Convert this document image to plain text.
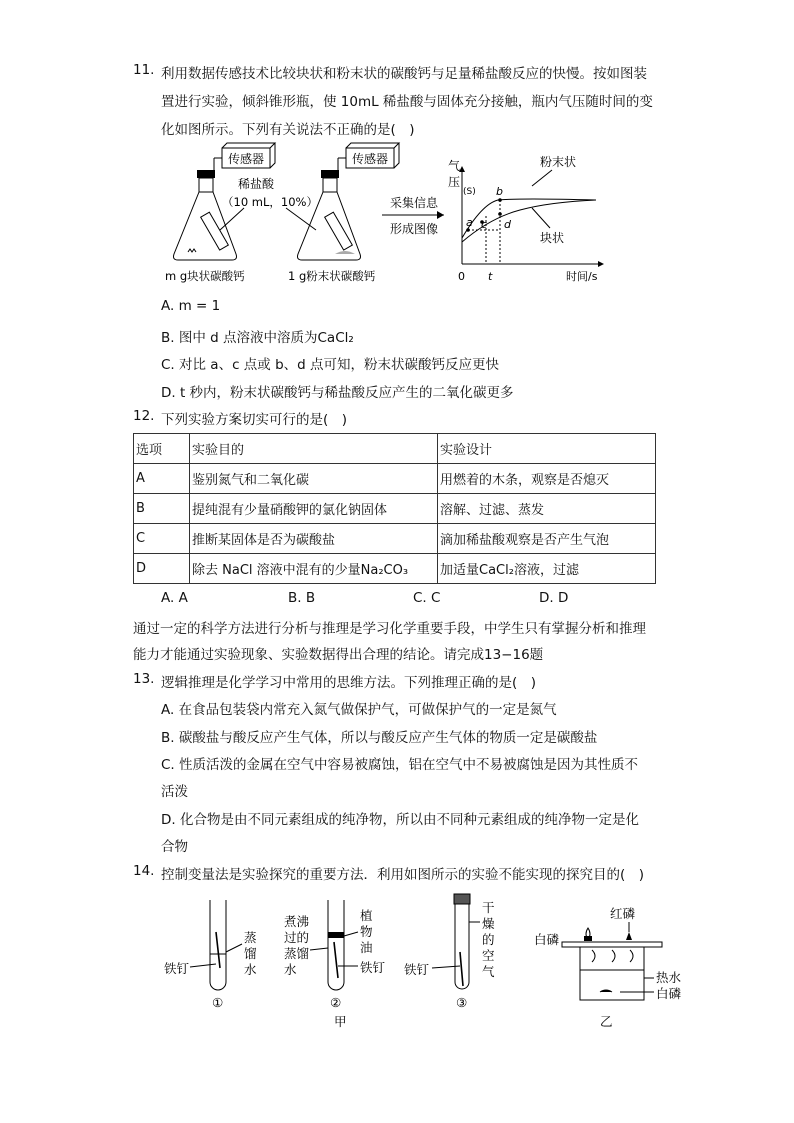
11. 利用数据传感技术比较块状和粉末状的碳酸钙与足量稀盐酸反应的快慢。按如图装
置进行实验，倾斜锥形瓶，使 10mL 稀盐酸与固体充分接触，瓶内气压随时间的变
化如图所示。下列有关说法不正确的是(　)
传感器
稀盐酸
（10 mL，10%）
m g块状碳酸钙
传感器
1 g粉末状碳酸钙
采集信息
形成图像
气
压
(S)
a
b
c d
0 t	时间/s
粉末状
块状
A. m = 1
B. 图中 d 点溶液中溶质为CaCl₂
C. 对比 a、c 点或 b、d 点可知，粉末状碳酸钙反应更快
D. t 秒内，粉末状碳酸钙与稀盐酸反应产生的二氧化碳更多
12. 下列实验方案切实可行的是(　)
选项	实验目的	实验设计
A	鉴别氮气和二氧化碳	用燃着的木条，观察是否熄灭
B	提纯混有少量硝酸钾的氯化钠固体	溶解、过滤、蒸发
C	推断某固体是否为碳酸盐	滴加稀盐酸观察是否产生气泡
D	除去 NaCl 溶液中混有的少量Na₂CO₃	加适量CaCl₂溶液，过滤
A. A	B. B	C. C	D. D
通过一定的科学方法进行分析与推理是学习化学重要手段，中学生只有掌握分析和推理
能力才能通过实验现象、实验数据得出合理的结论。请完成13−16题
13. 逻辑推理是化学学习中常用的思维方法。下列推理正确的是(　)
A. 在食品包装袋内常充入氮气做保护气，可做保护气的一定是氮气
B. 碳酸盐与酸反应产生气体，所以与酸反应产生气体的物质一定是碳酸盐
C. 性质活泼的金属在空气中容易被腐蚀，铝在空气中不易被腐蚀是因为其性质不
活泼
D. 化合物是由不同元素组成的纯净物，所以由不同种元素组成的纯净物一定是化
合物
14. 控制变量法是实验探究的重要方法．利用如图所示的实验不能实现的探究目的(　)
铁钉
蒸
馏
水
①
煮沸
过的
蒸馏
水
植
物
油
铁钉
②
铁钉
干
燥
的
空
气
③
甲
红磷
白磷
热水
白磷
乙
